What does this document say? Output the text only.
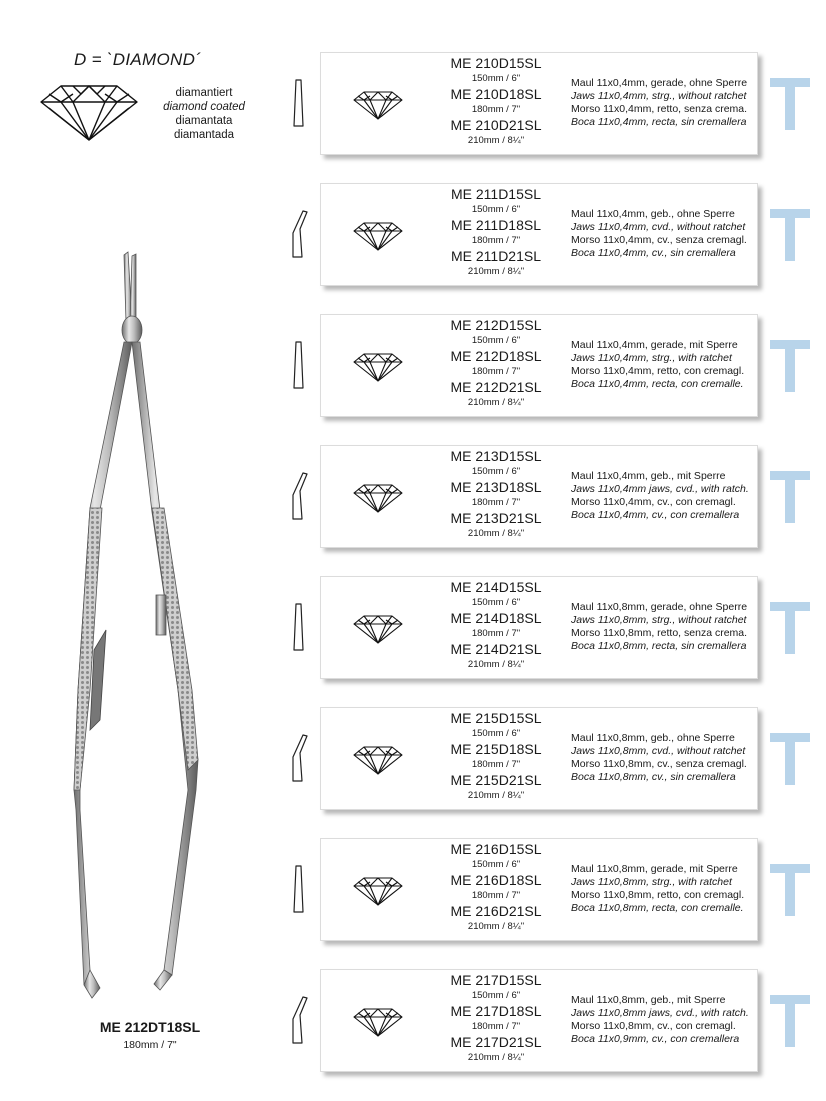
D = `DIAMOND´
diamantiert
diamond coated
diamantata
diamantada
ME 212DT18SL
180mm / 7"
ME 210D15SL
150mm / 6"
ME 210D18SL
180mm / 7"
ME 210D21SL
210mm / 8¼"
Maul 11x0,4mm, gerade, ohne Sperre
Jaws 11x0,4mm, strg., without ratchet
Morso 11x0,4mm, retto, senza crema.
Boca 11x0,4mm, recta, sin cremallera
ME 211D15SL
150mm / 6"
ME 211D18SL
180mm / 7"
ME 211D21SL
210mm / 8¼"
Maul 11x0,4mm, geb., ohne Sperre
Jaws 11x0,4mm, cvd., without ratchet
Morso 11x0,4mm, cv., senza cremagl.
Boca 11x0,4mm, cv., sin cremallera
ME 212D15SL
150mm / 6"
ME 212D18SL
180mm / 7"
ME 212D21SL
210mm / 8¼"
Maul 11x0,4mm, gerade, mit Sperre
Jaws 11x0,4mm, strg., with ratchet
Morso 11x0,4mm, retto, con cremagl.
Boca 11x0,4mm, recta, con cremalle.
ME 213D15SL
150mm / 6"
ME 213D18SL
180mm / 7"
ME 213D21SL
210mm / 8¼"
Maul 11x0,4mm, geb., mit Sperre
Jaws 11x0,4mm jaws, cvd., with ratch.
Morso 11x0,4mm, cv., con cremagl.
Boca 11x0,4mm, cv., con cremallera
ME 214D15SL
150mm / 6"
ME 214D18SL
180mm / 7"
ME 214D21SL
210mm / 8¼"
Maul 11x0,8mm, gerade, ohne Sperre
Jaws 11x0,8mm, strg., without ratchet
Morso 11x0,8mm, retto, senza crema.
Boca 11x0,8mm, recta, sin cremallera
ME 215D15SL
150mm / 6"
ME 215D18SL
180mm / 7"
ME 215D21SL
210mm / 8¼"
Maul 11x0,8mm, geb., ohne Sperre
Jaws 11x0,8mm, cvd., without ratchet
Morso 11x0,8mm, cv., senza cremagl.
Boca 11x0,8mm, cv., sin cremallera
ME 216D15SL
150mm / 6"
ME 216D18SL
180mm / 7"
ME 216D21SL
210mm / 8¼"
Maul 11x0,8mm, gerade, mit Sperre
Jaws 11x0,8mm, strg., with ratchet
Morso 11x0,8mm, retto, con cremagl.
Boca 11x0,8mm, recta, con cremalle.
ME 217D15SL
150mm / 6"
ME 217D18SL
180mm / 7"
ME 217D21SL
210mm / 8¼"
Maul 11x0,8mm, geb., mit Sperre
Jaws 11x0,8mm jaws, cvd., with ratch.
Morso 11x0,8mm, cv., con cremagl.
Boca 11x0,9mm, cv., con cremallera
